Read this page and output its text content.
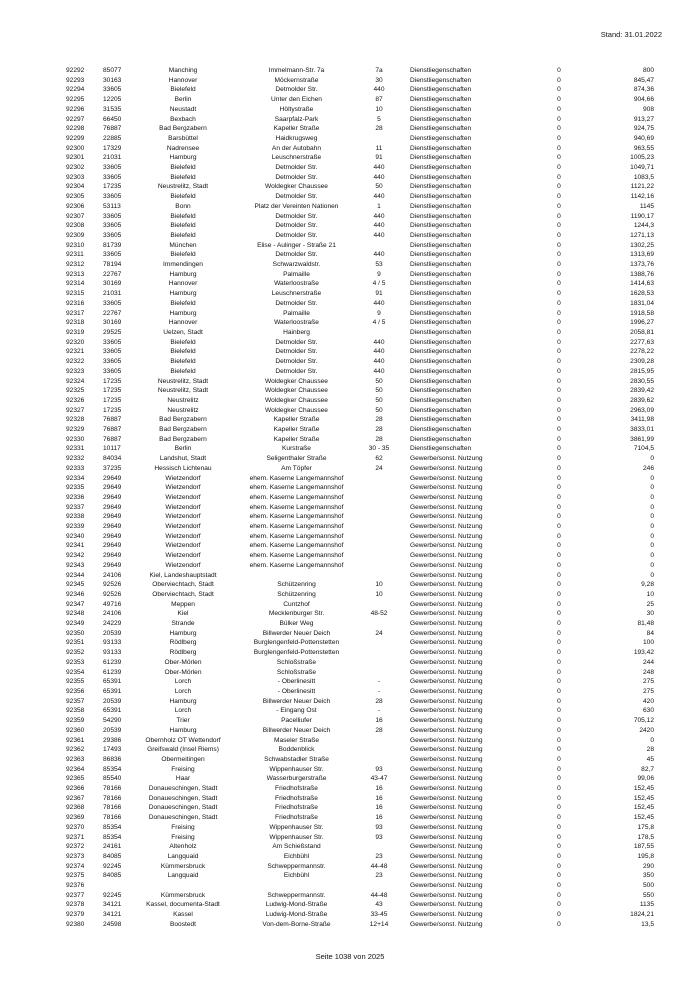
Stand: 31.01.2022
92292	85077	Manching	Immelmann-Str. 7a	7a	Dienstliegenschaften	0	800
92293	30163	Hannover	Möckernstraße	30	Dienstliegenschaften	0	845,47
92294	33605	Bielefeld	Detmolder Str.	440	Dienstliegenschaften	0	874,36
92295	12205	Berlin	Unter den Eichen	87	Dienstliegenschaften	0	904,66
92296	31535	Neustadt	Höltystraße	10	Dienstliegenschaften	0	908
92297	66450	Bexbach	Saarpfalz-Park	5	Dienstliegenschaften	0	913,27
92298	76887	Bad Bergzabern	Kapeller Straße	28	Dienstliegenschaften	0	924,75
92299	22885	Barsbüttel	Haidkrugsweg		Dienstliegenschaften	0	940,69
92300	17329	Nadrensee	An der Autobahn	11	Dienstliegenschaften	0	963,55
92301	21031	Hamburg	Leuschnerstraße	91	Dienstliegenschaften	0	1005,23
92302	33605	Bielefeld	Detmolder Str.	440	Dienstliegenschaften	0	1049,71
92303	33605	Bielefeld	Detmolder Str.	440	Dienstliegenschaften	0	1083,5
92304	17235	Neustrelitz, Stadt	Woldegker Chaussee	50	Dienstliegenschaften	0	1121,22
92305	33605	Bielefeld	Detmolder Str.	440	Dienstliegenschaften	0	1142,16
92306	53113	Bonn	Platz der Vereinten Nationen	1	Dienstliegenschaften	0	1145
92307	33605	Bielefeld	Detmolder Str.	440	Dienstliegenschaften	0	1190,17
92308	33605	Bielefeld	Detmolder Str.	440	Dienstliegenschaften	0	1244,3
92309	33605	Bielefeld	Detmolder Str.	440	Dienstliegenschaften	0	1271,13
92310	81739	München	Elise - Aulinger - Straße 21		Dienstliegenschaften	0	1302,25
92311	33605	Bielefeld	Detmolder Str.	440	Dienstliegenschaften	0	1313,69
92312	78194	Immendingen	Schwarzwaldstr.	53	Dienstliegenschaften	0	1373,76
92313	22767	Hamburg	Palmaille	9	Dienstliegenschaften	0	1388,76
92314	30169	Hannover	Waterloostraße	4 / 5	Dienstliegenschaften	0	1414,63
92315	21031	Hamburg	Leuschnerstraße	91	Dienstliegenschaften	0	1628,53
92316	33605	Bielefeld	Detmolder Str.	440	Dienstliegenschaften	0	1831,04
92317	22767	Hamburg	Palmaille	9	Dienstliegenschaften	0	1918,58
92318	30169	Hannover	Waterloostraße	4 / 5	Dienstliegenschaften	0	1996,27
92319	29525	Uelzen, Stadt	Hainberg		Dienstliegenschaften	0	2058,81
92320	33605	Bielefeld	Detmolder Str.	440	Dienstliegenschaften	0	2277,63
92321	33605	Bielefeld	Detmolder Str.	440	Dienstliegenschaften	0	2278,22
92322	33605	Bielefeld	Detmolder Str.	440	Dienstliegenschaften	0	2309,28
92323	33605	Bielefeld	Detmolder Str.	440	Dienstliegenschaften	0	2815,95
92324	17235	Neustrelitz, Stadt	Woldegker Chaussee	50	Dienstliegenschaften	0	2830,55
92325	17235	Neustrelitz, Stadt	Woldegker Chaussee	50	Dienstliegenschaften	0	2839,42
92326	17235	Neustrelitz	Woldegker Chaussee	50	Dienstliegenschaften	0	2839,62
92327	17235	Neustrelitz	Woldegker Chaussee	50	Dienstliegenschaften	0	2963,09
92328	76887	Bad Bergzabern	Kapeller Straße	28	Dienstliegenschaften	0	3411,98
92329	76887	Bad Bergzabern	Kapeller Straße	28	Dienstliegenschaften	0	3833,01
92330	76887	Bad Bergzabern	Kapeller Straße	28	Dienstliegenschaften	0	3861,99
92331	10117	Berlin	Kurstraße	30 - 35	Dienstliegenschaften	0	7104,5
92332	84034	Landshut, Stadt	Seligenthaler Straße	62	Gewerbe/sonst. Nutzung	0	0
92333	37235	Hessisch Lichtenau	Am Töpfer	24	Gewerbe/sonst. Nutzung	0	246
92334	29649	Wietzendorf	ehem. Kaserne Langemannshof		Gewerbe/sonst. Nutzung	0	0
92335	29649	Wietzendorf	ehem. Kaserne Langemannshof		Gewerbe/sonst. Nutzung	0	0
92336	29649	Wietzendorf	ehem. Kaserne Langemannshof		Gewerbe/sonst. Nutzung	0	0
92337	29649	Wietzendorf	ehem. Kaserne Langemannshof		Gewerbe/sonst. Nutzung	0	0
92338	29649	Wietzendorf	ehem. Kaserne Langemannshof		Gewerbe/sonst. Nutzung	0	0
92339	29649	Wietzendorf	ehem. Kaserne Langemannshof		Gewerbe/sonst. Nutzung	0	0
92340	29649	Wietzendorf	ehem. Kaserne Langemannshof		Gewerbe/sonst. Nutzung	0	0
92341	29649	Wietzendorf	ehem. Kaserne Langemannshof		Gewerbe/sonst. Nutzung	0	0
92342	29649	Wietzendorf	ehem. Kaserne Langemannshof		Gewerbe/sonst. Nutzung	0	0
92343	29649	Wietzendorf	ehem. Kaserne Langemannshof		Gewerbe/sonst. Nutzung	0	0
92344	24106	Kiel, Landeshauptstadt			Gewerbe/sonst. Nutzung	0	0
92345	92526	Oberviechtach, Stadt	Schützenring	10	Gewerbe/sonst. Nutzung	0	9,28
92346	92526	Oberviechtach, Stadt	Schützenring	10	Gewerbe/sonst. Nutzung	0	10
92347	49716	Meppen	Cuntzhof		Gewerbe/sonst. Nutzung	0	25
92348	24106	Kiel	Mecklenburger Str.	48-52	Gewerbe/sonst. Nutzung	0	30
92349	24229	Strande	Bülker Weg		Gewerbe/sonst. Nutzung	0	81,48
92350	20539	Hamburg	Billwerder Neuer Deich	24	Gewerbe/sonst. Nutzung	0	84
92351	93133	Rödlberg	Burglengenfeld-Pottenstetten		Gewerbe/sonst. Nutzung	0	100
92352	93133	Rödlberg	Burglengenfeld-Pottenstetten		Gewerbe/sonst. Nutzung	0	193,42
92353	61239	Ober-Mörlen	Schloßstraße		Gewerbe/sonst. Nutzung	0	244
92354	61239	Ober-Mörlen	Schloßstraße		Gewerbe/sonst. Nutzung	0	248
92355	65391	Lorch	- Oberlinesitt	-	Gewerbe/sonst. Nutzung	0	275
92356	65391	Lorch	- Oberlinesitt	-	Gewerbe/sonst. Nutzung	0	275
92357	20539	Hamburg	Billwerder Neuer Deich	28	Gewerbe/sonst. Nutzung	0	420
92358	65391	Lorch	- Eingang Ost	-	Gewerbe/sonst. Nutzung	0	630
92359	54290	Trier	Pacelliufer	16	Gewerbe/sonst. Nutzung	0	705,12
92360	20539	Hamburg	Billwerder Neuer Deich	28	Gewerbe/sonst. Nutzung	0	2420
92361	29386	Obernholz OT Wettendorf	Maseler Straße		Gewerbe/sonst. Nutzung	0	0
92362	17493	Greifswald (Insel Riems)	Boddenblick		Gewerbe/sonst. Nutzung	0	28
92363	86836	Obermeitingen	Schwabstadler Straße		Gewerbe/sonst. Nutzung	0	45
92364	85354	Freising	Wippenhauser Str.	93	Gewerbe/sonst. Nutzung	0	82,7
92365	85540	Haar	Wasserburgerstraße	43-47	Gewerbe/sonst. Nutzung	0	99,06
92366	78166	Donaueschingen, Stadt	Friedhofstraße	16	Gewerbe/sonst. Nutzung	0	152,45
92367	78166	Donaueschingen, Stadt	Friedhofstraße	16	Gewerbe/sonst. Nutzung	0	152,45
92368	78166	Donaueschingen, Stadt	Friedhofstraße	16	Gewerbe/sonst. Nutzung	0	152,45
92369	78166	Donaueschingen, Stadt	Friedhofstraße	16	Gewerbe/sonst. Nutzung	0	152,45
92370	85354	Freising	Wippenhauser Str.	93	Gewerbe/sonst. Nutzung	0	175,8
92371	85354	Freising	Wippenhauser Str.	93	Gewerbe/sonst. Nutzung	0	178,5
92372	24161	Altenholz	Am Schießstand		Gewerbe/sonst. Nutzung	0	187,55
92373	84085	Langquaid	Eichbühl	23	Gewerbe/sonst. Nutzung	0	195,8
92374	92245	Kümmersbruck	Schweppermannstr.	44-48	Gewerbe/sonst. Nutzung	0	290
92375	84085	Langquaid	Eichbühl	23	Gewerbe/sonst. Nutzung	0	350
92376					Gewerbe/sonst. Nutzung	0	500
92377	92245	Kümmersbruck	Schweppermannstr.	44-48	Gewerbe/sonst. Nutzung	0	550
92378	34121	Kassel, documenta-Stadt	Ludwig-Mond-Straße	43	Gewerbe/sonst. Nutzung	0	1135
92379	34121	Kassel	Ludwig-Mond-Straße	33-45	Gewerbe/sonst. Nutzung	0	1824,21
92380	24598	Boostedt	Von-dem-Borne-Straße	12+14	Gewerbe/sonst. Nutzung	0	13,5
Seite 1038 von 2025
